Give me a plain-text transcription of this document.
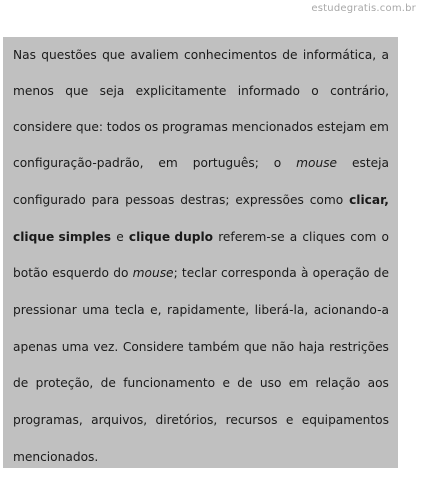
estudegratis.com.br
Nas questões que avaliem conhecimentos de informática, a
menos que seja explicitamente informado o contrário,
considere que: todos os programas mencionados estejam em
configuração-padrão, em português; o mouse esteja
configurado para pessoas destras; expressões como clicar,
clique simples e clique duplo referem-se a cliques com o
botão esquerdo do mouse; teclar corresponda à operação de
pressionar uma tecla e, rapidamente, liberá-la, acionando-a
apenas uma vez. Considere também que não haja restrições
de proteção, de funcionamento e de uso em relação aos
programas, arquivos, diretórios, recursos e equipamentos
mencionados.
